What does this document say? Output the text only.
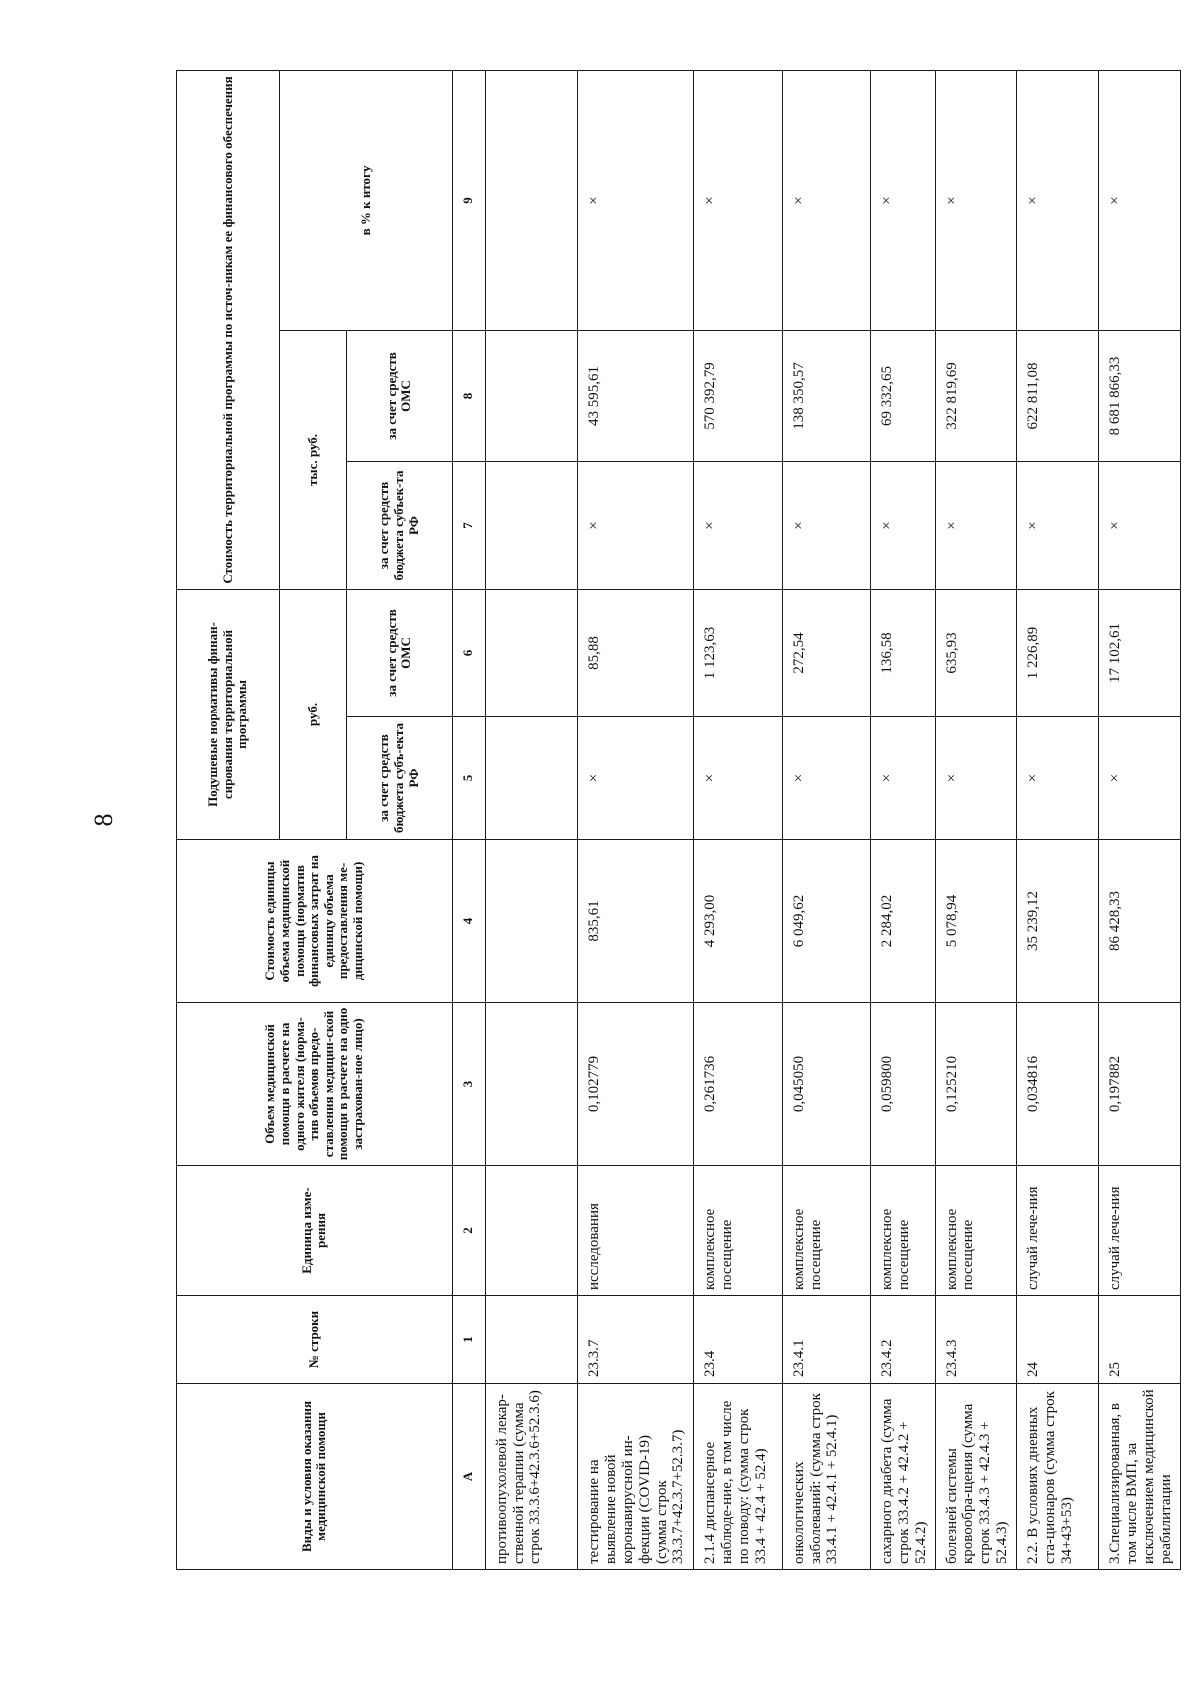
8
Виды и условия оказания медицинской помощи	№ строки	Единица изме-рения	Объем медицинской помощи в расчете на одного жителя (норма-тив объемов предо-ставления медицин-ской помощи в расчете на одно застрахован-ное лицо)	Стоимость единицы объема медицинской помощи (норматив финансовых затрат на единицу объема предоставления ме-дицинской помощи)	Подушевые нормативы финан-сирования территориальной программы		Стоимость территориальной программы по источ-никам ее финансового обеспечения		
					руб.		тыс. руб.		в % к итогу
					за счет средств бюджета субъ-екта РФ	за счет средств ОМС	за счет средств бюджета субъек-та РФ	за счет средств ОМС	
А	1	2	3	4	5	6	7	8	9
противоопухолевой лекар-ственной терапии (сумма строк 33.3.6+42.3.6+52.3.6)									
тестирование на выявление новой коронавирусной ин-фекции (COVID-19) (сумма строк 33.3.7+42.3.7+52.3.7)	23.3.7	исследования	0,102779	835,61	×	85,88	×	43 595,61	×
2.1.4 диспансерное наблюде-ние, в том числе по поводу: (сумма строк 33.4 + 42.4 + 52.4)	23.4	комплексное посещение	0,261736	4 293,00	×	1 123,63	×	570 392,79	×
онкологических заболеваний: (сумма строк 33.4.1 + 42.4.1 + 52.4.1)	23.4.1	комплексное посещение	0,045050	6 049,62	×	272,54	×	138 350,57	×
сахарного диабета (сумма строк 33.4.2 + 42.4.2 + 52.4.2)	23.4.2	комплексное посещение	0,059800	2 284,02	×	136,58	×	69 332,65	×
болезней системы кровообра-щения (сумма строк 33.4.3 + 42.4.3 + 52.4.3)	23.4.3	комплексное посещение	0,125210	5 078,94	×	635,93	×	322 819,69	×
2.2. В условиях дневных ста-ционаров (сумма строк 34+43+53)	24	случай лече-ния	0,034816	35 239,12	×	1 226,89	×	622 811,08	×
3.Специализированная, в том числе ВМП, за исключением медицинской реабилитации	25	случай лече-ния	0,197882	86 428,33	×	17 102,61	×	8 681 866,33	×
